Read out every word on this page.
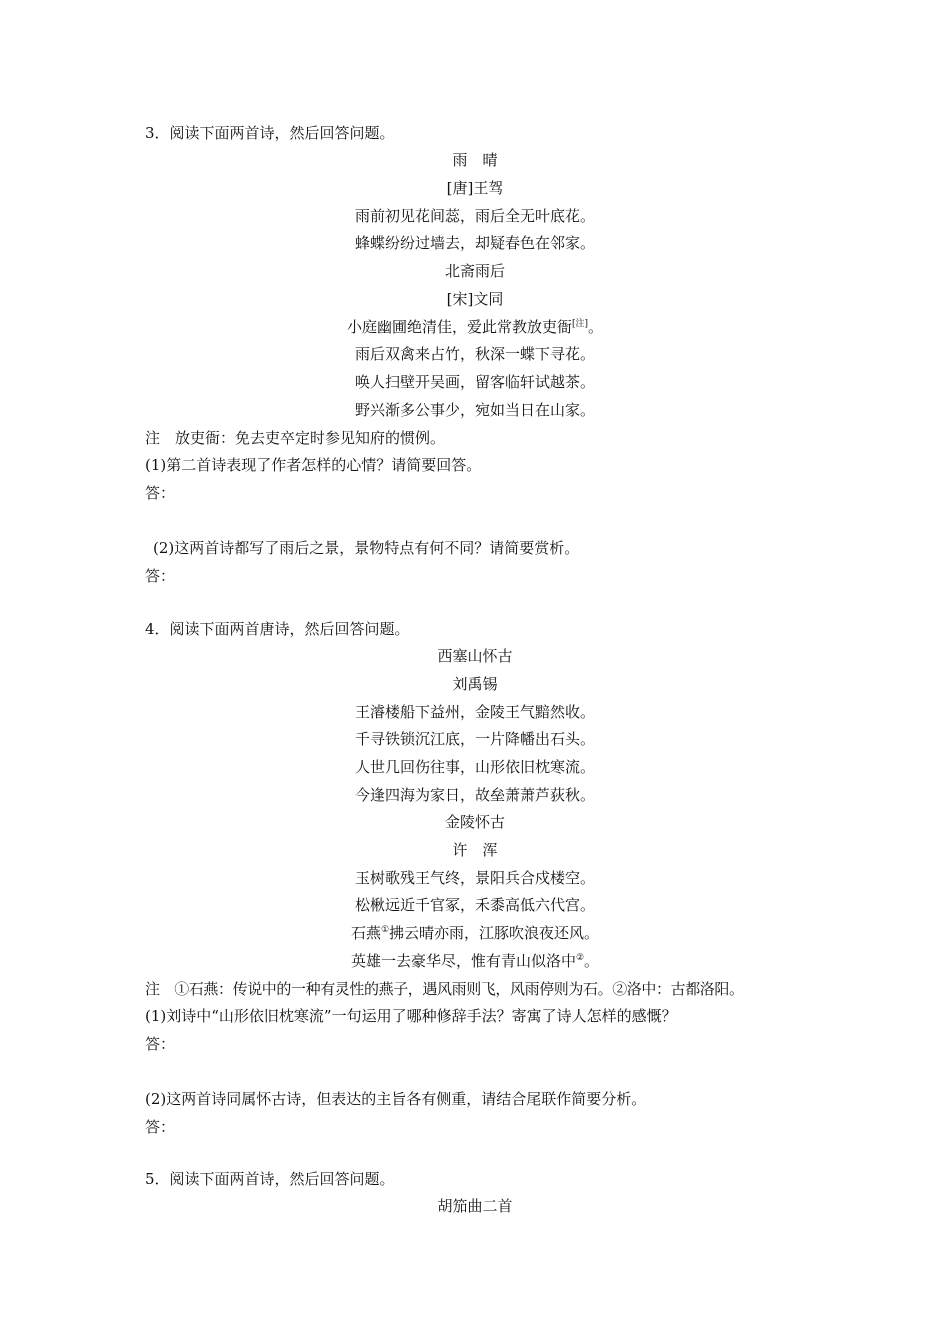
3．阅读下面两首诗，然后回答问题。
雨　晴
[唐]王驾
雨前初见花间蕊，雨后全无叶底花。
蜂蝶纷纷过墙去，却疑春色在邻家。
北斋雨后
[宋]文同
小庭幽圃绝清佳，爱此常教放吏衙[注]。
雨后双禽来占竹，秋深一蝶下寻花。
唤人扫壁开吴画，留客临轩试越茶。
野兴渐多公事少，宛如当日在山家。
注　放吏衙：免去吏卒定时参见知府的惯例。
(1)第二首诗表现了作者怎样的心情？请简要回答。
答：
(2)这两首诗都写了雨后之景，景物特点有何不同？请简要赏析。
答：
4．阅读下面两首唐诗，然后回答问题。
西塞山怀古
刘禹锡
王濬楼船下益州，金陵王气黯然收。
千寻铁锁沉江底，一片降幡出石头。
人世几回伤往事，山形依旧枕寒流。
今逢四海为家日，故垒萧萧芦荻秋。
金陵怀古
许　浑
玉树歌残王气终，景阳兵合戍楼空。
松楸远近千官冢，禾黍高低六代宫。
石燕①拂云晴亦雨，江豚吹浪夜还风。
英雄一去豪华尽，惟有青山似洛中②。
注　①石燕：传说中的一种有灵性的燕子，遇风雨则飞，风雨停则为石。②洛中：古都洛阳。
(1)刘诗中“山形依旧枕寒流”一句运用了哪种修辞手法？寄寓了诗人怎样的感慨？
答：
(2)这两首诗同属怀古诗，但表达的主旨各有侧重，请结合尾联作简要分析。
答：
5．阅读下面两首诗，然后回答问题。
胡笳曲二首
